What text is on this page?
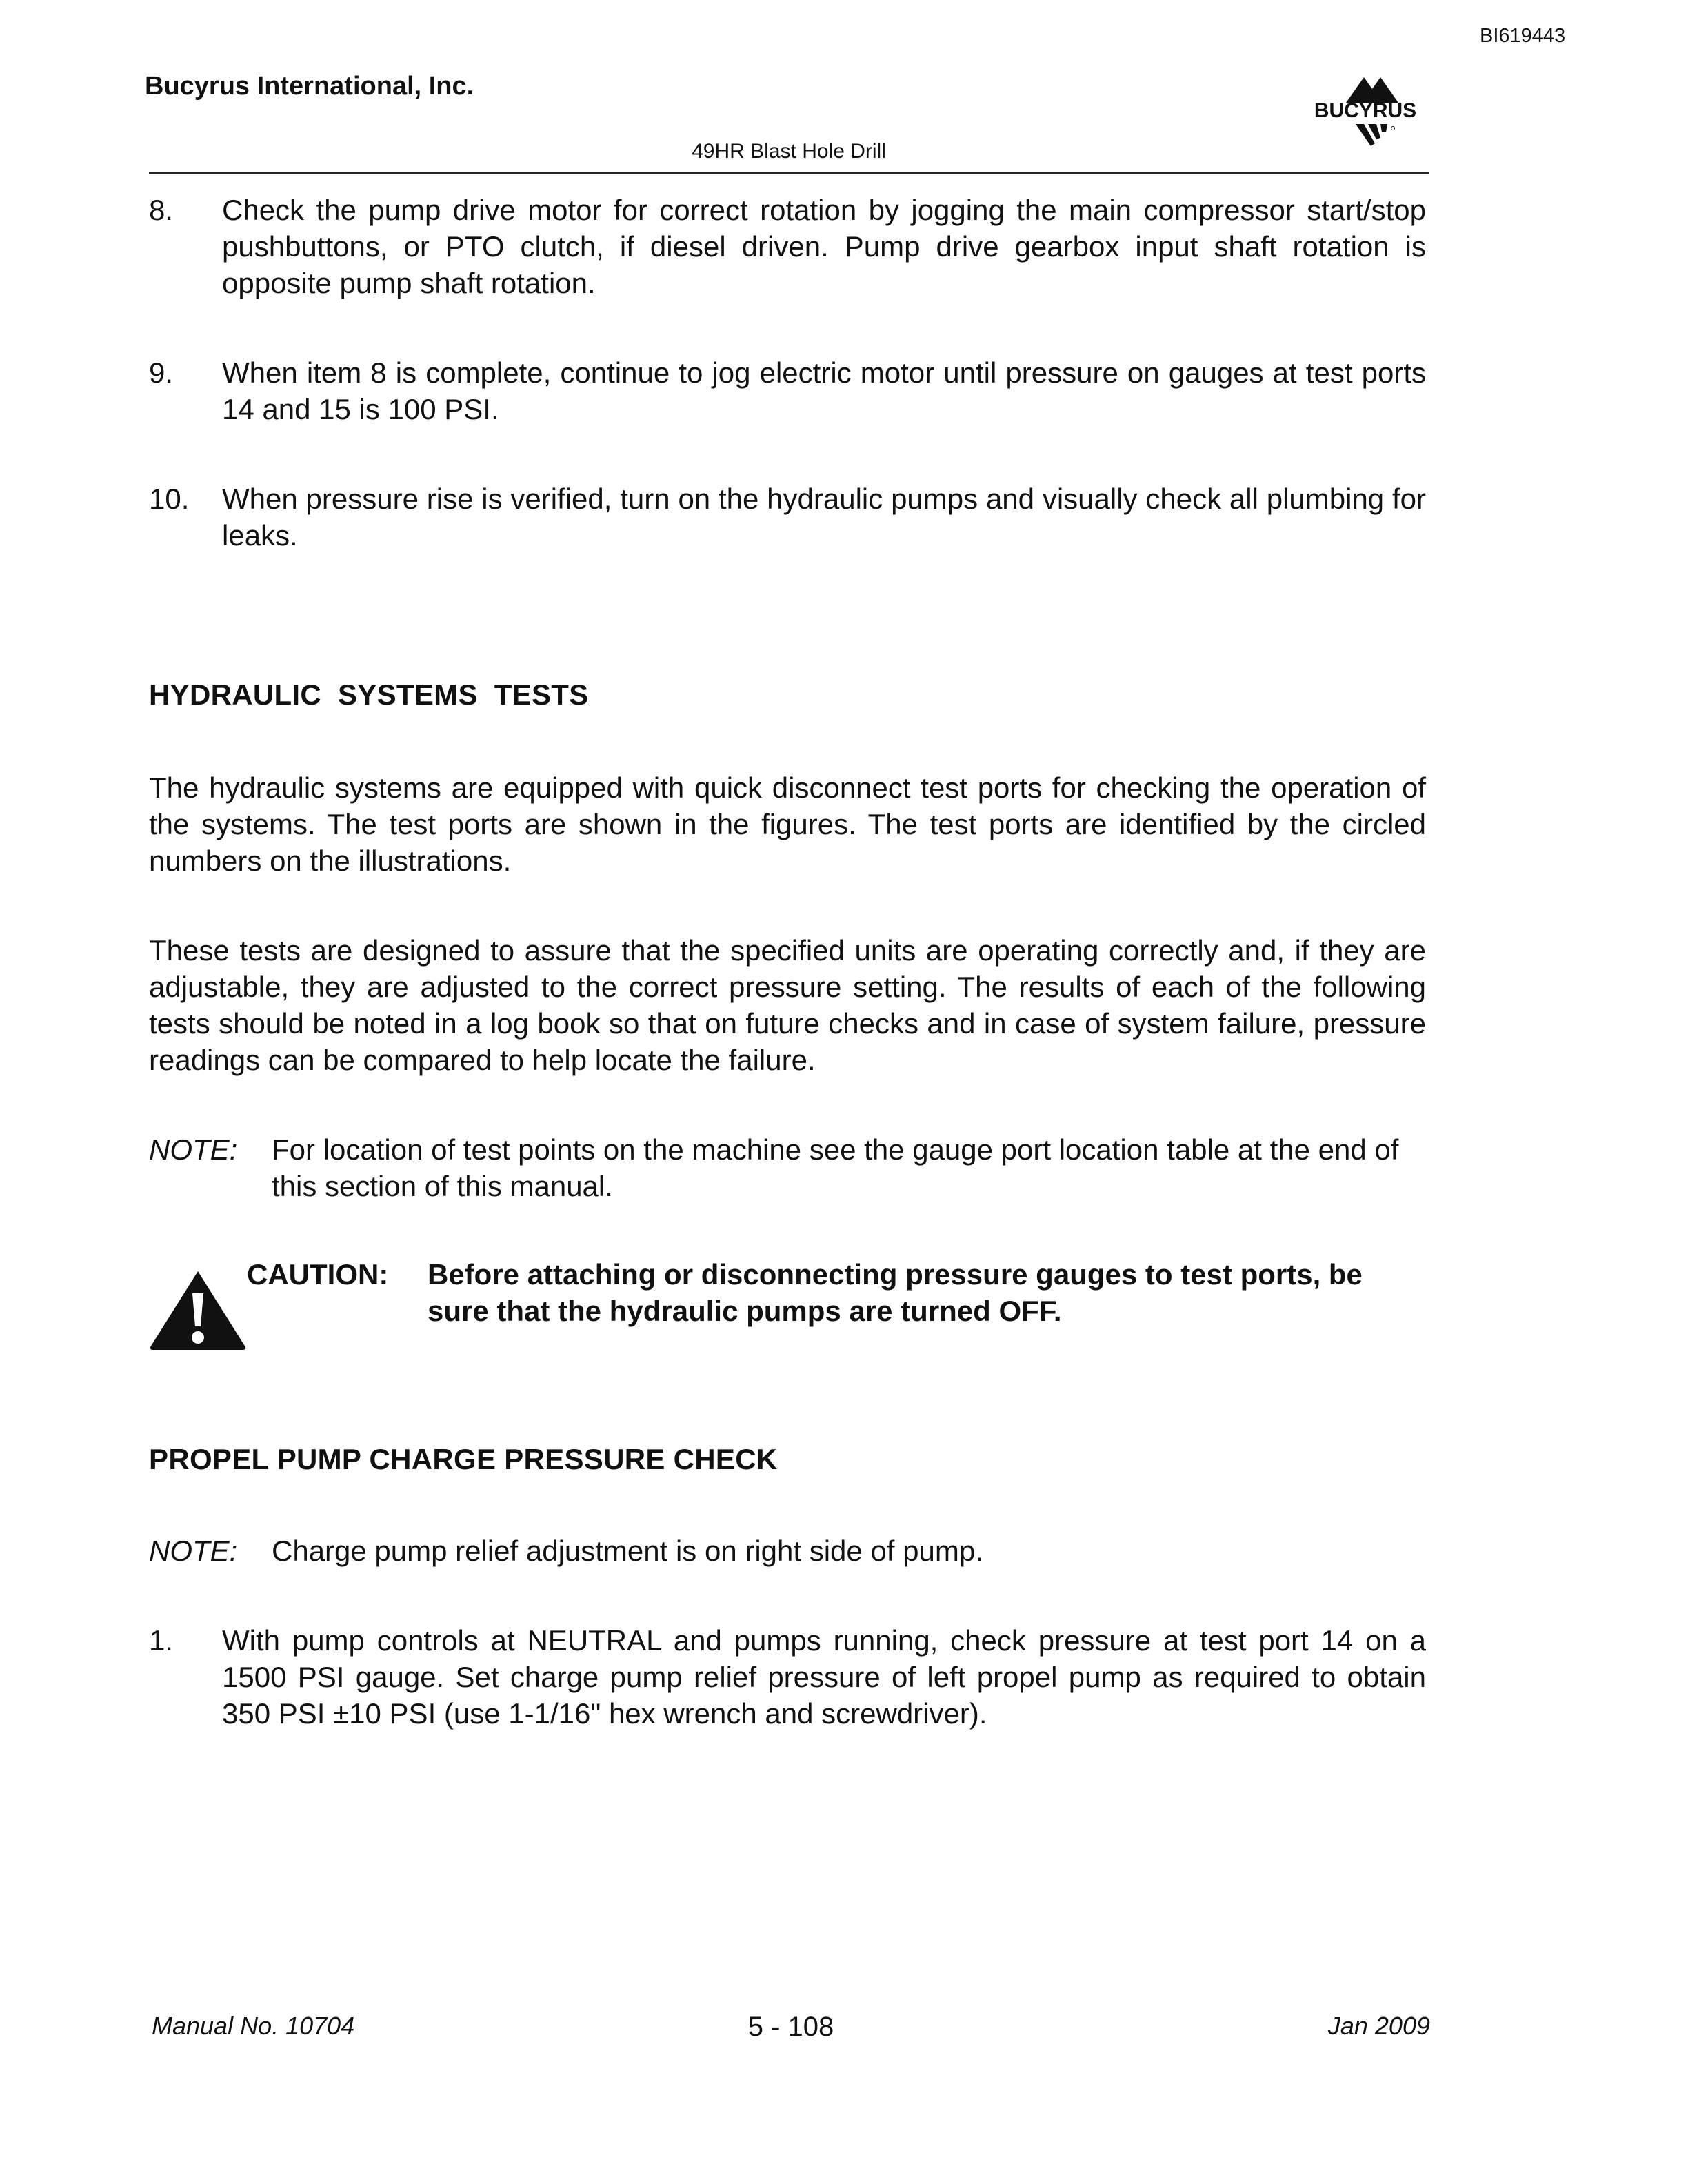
BI619443
Bucyrus International, Inc.
BUCYRUS
49HR Blast Hole Drill
8.	Check the pump drive motor for correct rotation by jogging the main compressor start/stop pushbuttons, or PTO clutch, if diesel driven. Pump drive gearbox input shaft rotation is opposite pump shaft rotation.
9.	When item 8 is complete, continue to jog electric motor until pressure on gauges at test ports 14 and 15 is 100 PSI.
10.	When pressure rise is verified, turn on the hydraulic pumps and visually check all plumbing for leaks.
HYDRAULIC  SYSTEMS  TESTS
The hydraulic systems are equipped with quick disconnect test ports for checking the operation of the systems. The test ports are shown in the figures. The test ports are identified by the circled numbers on the illustrations.
These tests are designed to assure that the specified units are operating correctly and, if they are adjustable, they are adjusted to the correct pressure setting. The results of each of the following tests should be noted in a log book so that on future checks and in case of system failure, pressure readings can be compared to help locate the failure.
NOTE:	For location of test points on the machine see the gauge port location table at the end of this section of this manual.
CAUTION:	Before attaching or disconnecting pressure gauges to test ports, be sure that the hydraulic pumps are turned OFF.
PROPEL PUMP CHARGE PRESSURE CHECK
NOTE:	Charge pump relief adjustment is on right side of pump.
1.	With pump controls at NEUTRAL and pumps running, check pressure at test port 14 on a 1500 PSI gauge. Set charge pump relief pressure of left propel pump as required to obtain 350 PSI ±10 PSI (use 1-1/16" hex wrench and screwdriver).
Manual No. 10704	5 - 108	Jan 2009
